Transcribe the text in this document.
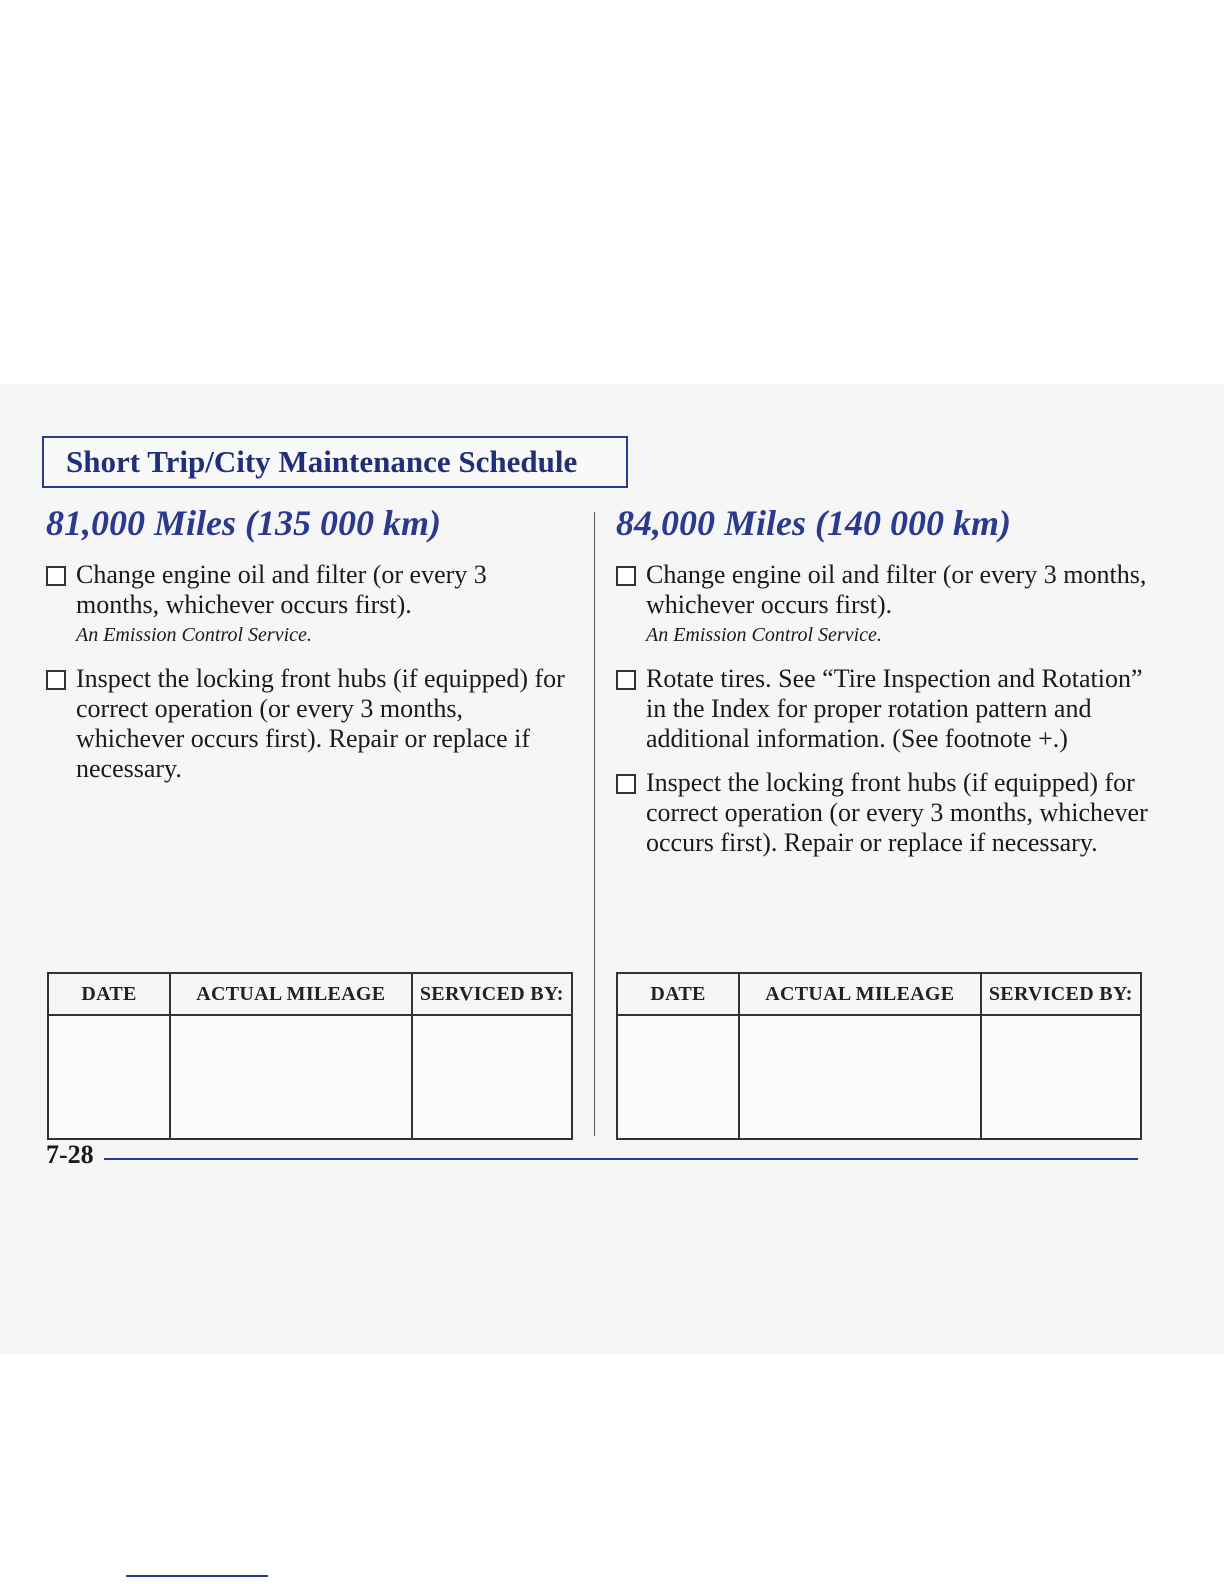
Short Trip/City Maintenance Schedule
81,000 Miles (135 000 km)
Change engine oil and filter (or every 3 months, whichever occurs first).
An Emission Control Service.
Inspect the locking front hubs (if equipped) for correct operation (or every 3 months, whichever occurs first). Repair or replace if necessary.
DATE	ACTUAL MILEAGE	SERVICED BY:

84,000 Miles (140 000 km)
Change engine oil and filter (or every 3 months, whichever occurs first).
An Emission Control Service.
Rotate tires. See “Tire Inspection and Rotation” in the Index for proper rotation pattern and additional information. (See footnote +.)
Inspect the locking front hubs (if equipped) for correct operation (or every 3 months, whichever occurs first). Repair or replace if necessary.
DATE	ACTUAL MILEAGE	SERVICED BY:

7-28
